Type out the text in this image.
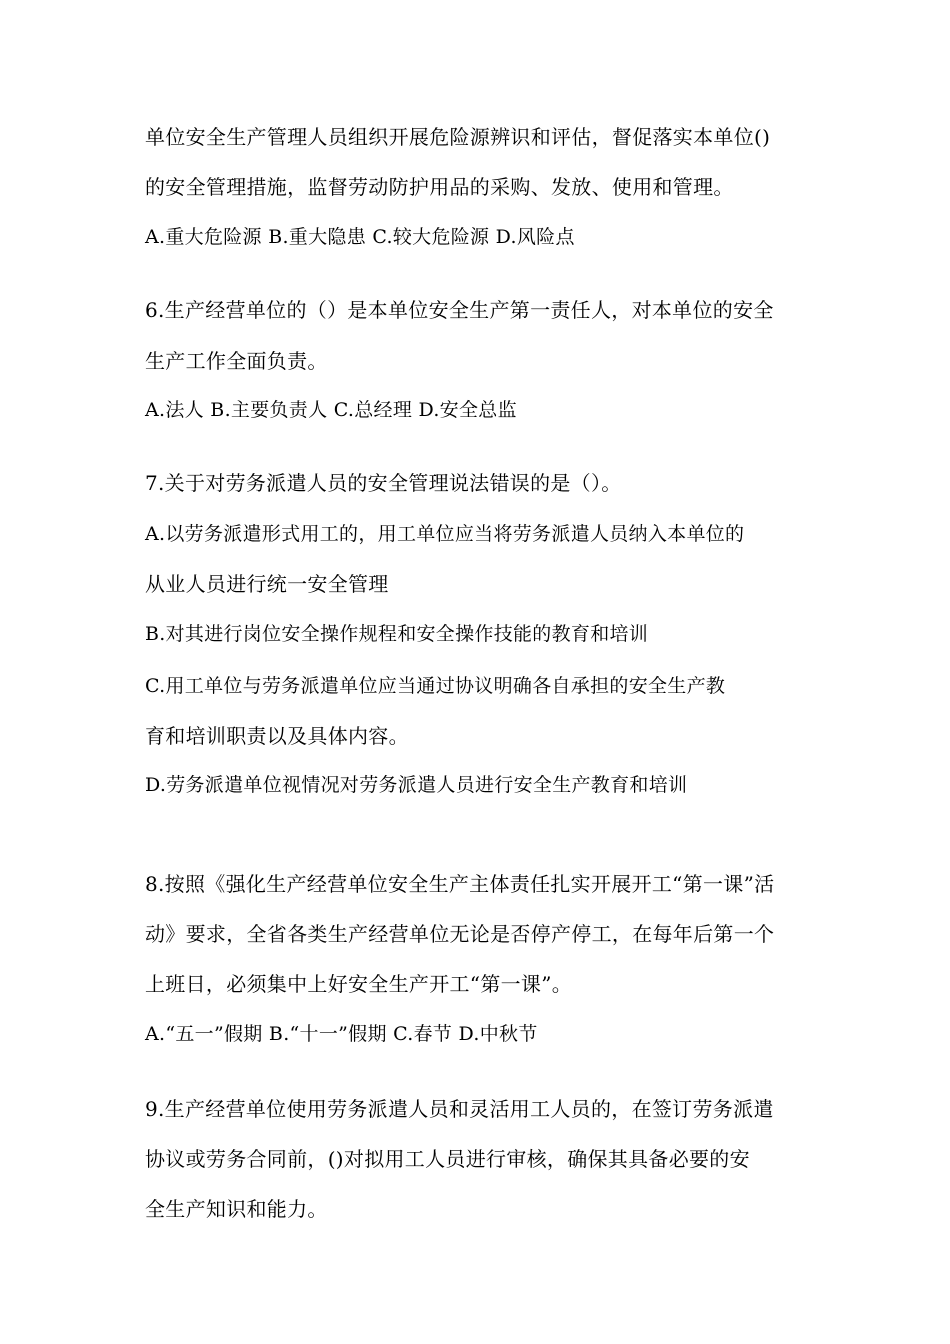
单位安全生产管理人员组织开展危险源辨识和评估，督促落实本单位()
的安全管理措施，监督劳动防护用品的采购、发放、使用和管理。
A.重大危险源 B.重大隐患 C.较大危险源 D.风险点
6.生产经营单位的（）是本单位安全生产第一责任人，对本单位的安全
生产工作全面负责。
A.法人 B.主要负责人 C.总经理 D.安全总监
7.关于对劳务派遣人员的安全管理说法错误的是（）。
A.以劳务派遣形式用工的，用工单位应当将劳务派遣人员纳入本单位的
从业人员进行统一安全管理
B.对其进行岗位安全操作规程和安全操作技能的教育和培训
C.用工单位与劳务派遣单位应当通过协议明确各自承担的安全生产教
育和培训职责以及具体内容。
D.劳务派遣单位视情况对劳务派遣人员进行安全生产教育和培训
8.按照《强化生产经营单位安全生产主体责任扎实开展开工“第一课”活
动》要求，全省各类生产经营单位无论是否停产停工，在每年后第一个
上班日，必须集中上好安全生产开工“第一课”。
A.“五一”假期 B.“十一”假期 C.春节 D.中秋节
9.生产经营单位使用劳务派遣人员和灵活用工人员的，在签订劳务派遣
协议或劳务合同前，()对拟用工人员进行审核，确保其具备必要的安
全生产知识和能力。
